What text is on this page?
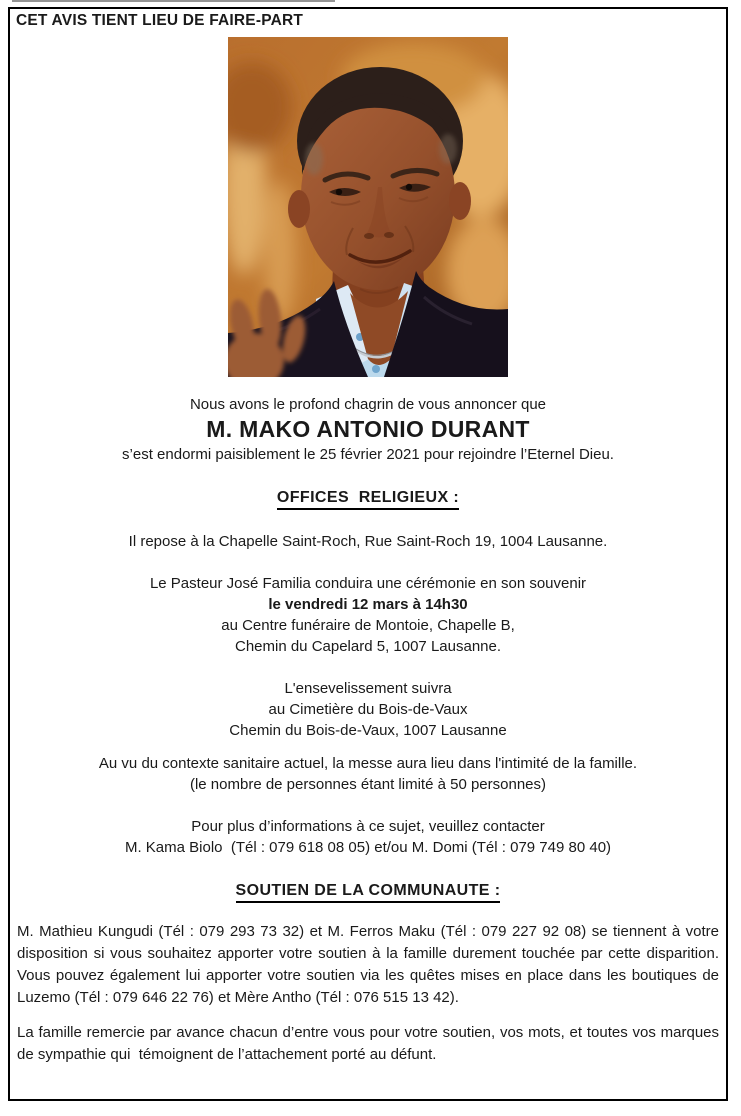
CET AVIS TIENT LIEU DE FAIRE-PART
Nous avons le profond chagrin de vous annoncer que
M. MAKO ANTONIO DURANT
s’est endormi paisiblement le 25 février 2021 pour rejoindre l’Eternel Dieu.
OFFICES  RELIGIEUX :
Il repose à la Chapelle Saint-Roch, Rue Saint-Roch 19, 1004 Lausanne.
Le Pasteur José Familia conduira une cérémonie en son souvenir
le vendredi 12 mars à 14h30
au Centre funéraire de Montoie, Chapelle B,
Chemin du Capelard 5, 1007 Lausanne.
L'ensevelissement suivra
au Cimetière du Bois-de-Vaux
Chemin du Bois-de-Vaux, 1007 Lausanne
Au vu du contexte sanitaire actuel, la messe aura lieu dans l'intimité de la famille.
(le nombre de personnes étant limité à 50 personnes)
Pour plus d’informations à ce sujet, veuillez contacter
M. Kama Biolo  (Tél : 079 618 08 05) et/ou M. Domi (Tél : 079 749 80 40)
SOUTIEN DE LA COMMUNAUTE :
M. Mathieu Kungudi (Tél : 079 293 73 32) et M. Ferros Maku (Tél : 079 227 92 08) se tiennent à votre disposition si vous souhaitez apporter votre soutien à la famille durement touchée par cette disparition. Vous pouvez également lui apporter votre soutien via les quêtes mises en place dans les boutiques de Luzemo (Tél : 079 646 22 76) et Mère Antho (Tél : 076 515 13 42).
La famille remercie par avance chacun d’entre vous pour votre soutien, vos mots, et toutes vos marques de sympathie qui  témoignent de l’attachement porté au défunt.
